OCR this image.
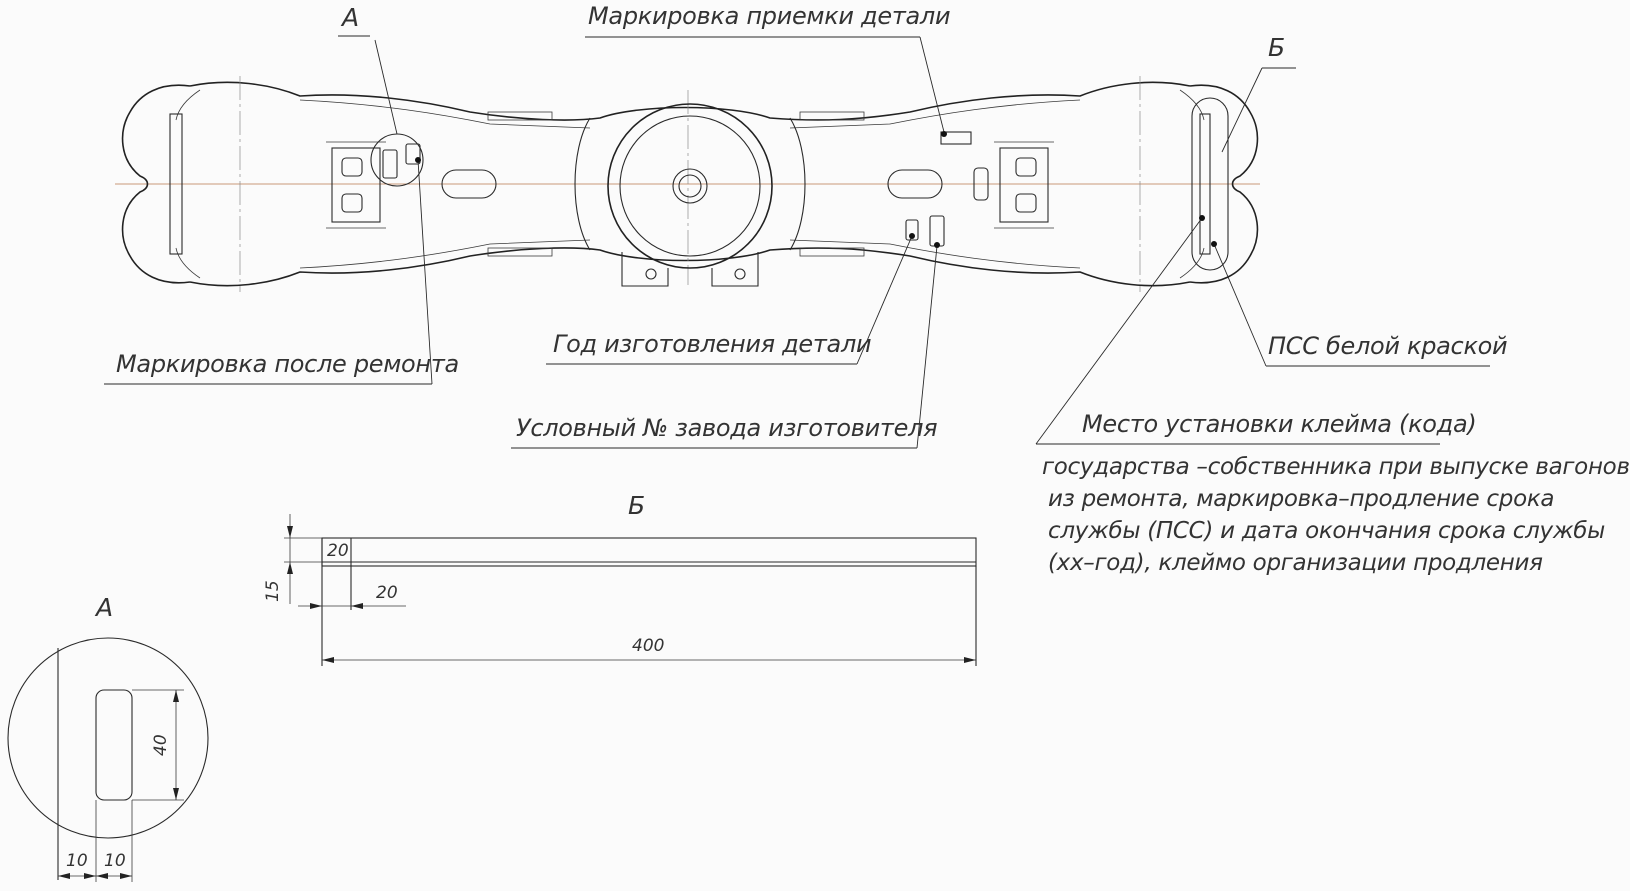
А	Маркировка приемки детали
Б
Маркировка после ремонта
Год изготовления детали
Условный № завода изготовителя
ПСС белой краской
Место установки клейма (кода)
государства –собственника при выпуске вагонов
из ремонта, маркировка–продление срока
службы (ПСС) и дата окончания срока службы
(хх–год), клеймо организации продления
Б
15
20
20
400
А
40
10 10
